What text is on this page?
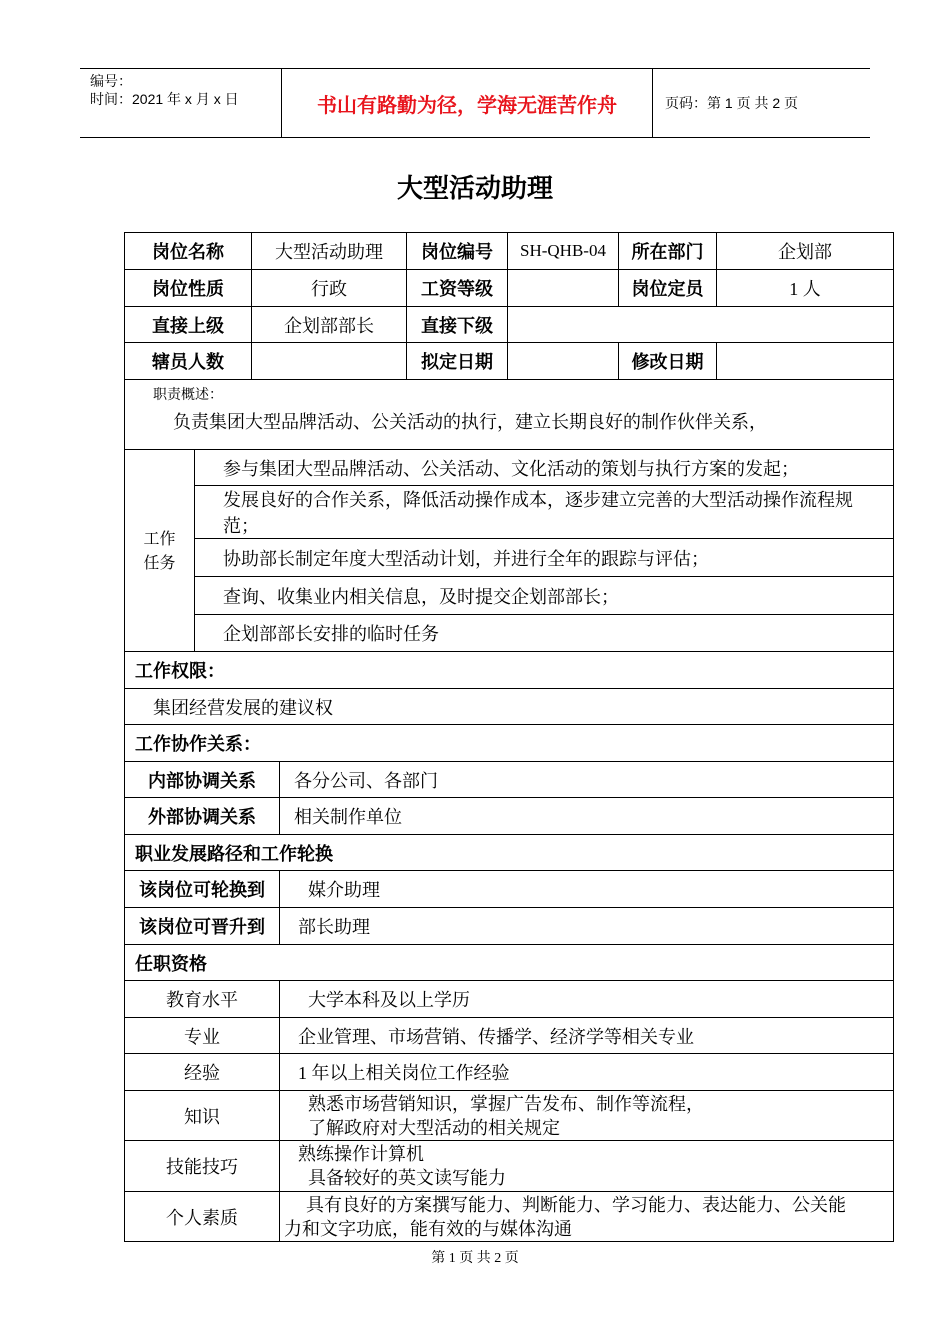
编号：
时间：2021 年 x 月 x 日	书山有路勤为径，学海无涯苦作舟	页码：第 1 页 共 2 页
大型活动助理
岗位名称		大型活动助理		岗位编号	SH-QHB-04	所在部门	企划部
岗位性质		行政		工资等级		岗位定员	1 人
直接上级		企划部部长		直接下级			
辖员人数				拟定日期		修改日期	

职责概述：
负责集团大型品牌活动、公关活动的执行，建立长期良好的制作伙伴关系，							

工作
任务	参与集团大型品牌活动、公关活动、文化活动的策划与执行方案的发起；						
	发展良好的合作关系，降低活动操作成本，逐步建立完善的大型活动操作流程规范；						
	协助部长制定年度大型活动计划，并进行全年的跟踪与评估；						
	查询、收集业内相关信息，及时提交企划部部长；						
	企划部部长安排的临时任务						
工作权限：							
集团经营发展的建议权							
工作协作关系：							
内部协调关系			各分公司、各部门				
外部协调关系			相关制作单位				
职业发展路径和工作轮换							
该岗位可轮换到			媒介助理				
该岗位可晋升到			部长助理				
任职资格							
教育水平			大学本科及以上学历				
专业			企业管理、市场营销、传播学、经济学等相关专业				
经验			1 年以上相关岗位工作经验				
知识			熟悉市场营销知识，掌握广告发布、制作等流程，
了解政府对大型活动的相关规定				

技能技巧			熟练操作计算机
具备较好的英文读写能力				

个人素质			具有良好的方案撰写能力、判断能力、学习能力、表达能力、公关能
力和文字功底，能有效的与媒体沟通				
第 1 页 共 2 页
